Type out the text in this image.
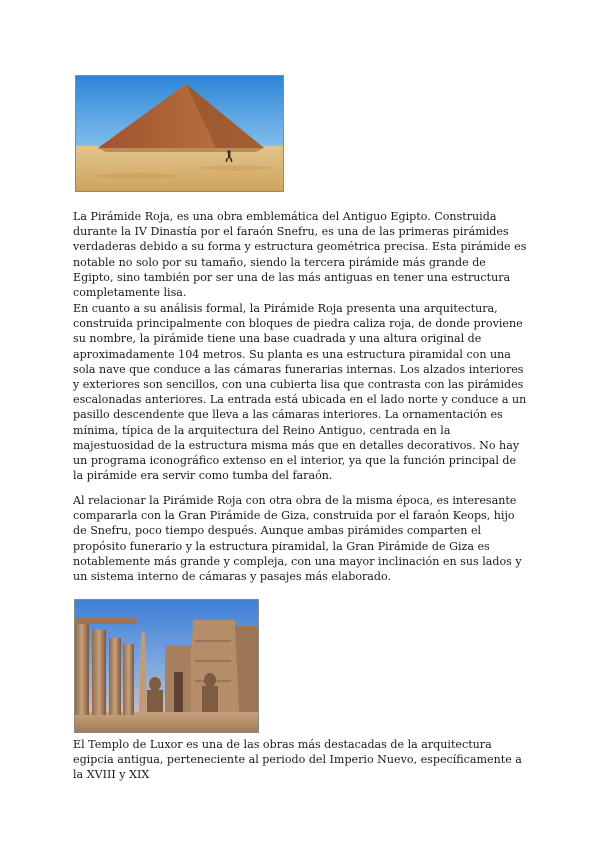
La Pirámide Roja, es una obra emblemática del Antiguo Egipto. Construida durante la IV Dinastía por el faraón Snefru, es una de las primeras pirámides verdaderas debido a su forma y estructura geométrica precisa. Esta pirámide es notable no solo por su tamaño, siendo la tercera pirámide más grande de Egipto, sino también por ser una de las más antiguas en tener una estructura completamente lisa.

En cuanto a su análisis formal, la Pirámide Roja presenta una arquitectura, construida principalmente con bloques de piedra caliza roja, de donde proviene su nombre, la pirámide tiene una base cuadrada y una altura original de aproximadamente 104 metros. Su planta es una estructura piramidal con una sola nave que conduce a las cámaras funerarias internas. Los alzados interiores y exteriores son sencillos, con una cubierta lisa que contrasta con las pirámides escalonadas anteriores. La entrada está ubicada en el lado norte y conduce a un pasillo descendente que lleva a las cámaras interiores. La ornamentación es mínima, típica de la arquitectura del Reino Antiguo, centrada en la majestuosidad de la estructura misma más que en detalles decorativos. No hay un programa iconográfico extenso en el interior, ya que la función principal de la pirámide era servir como tumba del faraón.

Al relacionar la Pirámide Roja con otra obra de la misma época, es interesante compararla con la Gran Pirámide de Giza, construida por el faraón Keops, hijo de Snefru, poco tiempo después. Aunque ambas pirámides comparten el propósito funerario y la estructura piramidal, la Gran Pirámide de Giza es notablemente más grande y compleja, con una mayor inclinación en sus lados y un sistema interno de cámaras y pasajes más elaborado.

El Templo de Luxor es una de las obras más destacadas de la arquitectura egipcia antigua, perteneciente al periodo del Imperio Nuevo, específicamente a la XVIII y XIX
